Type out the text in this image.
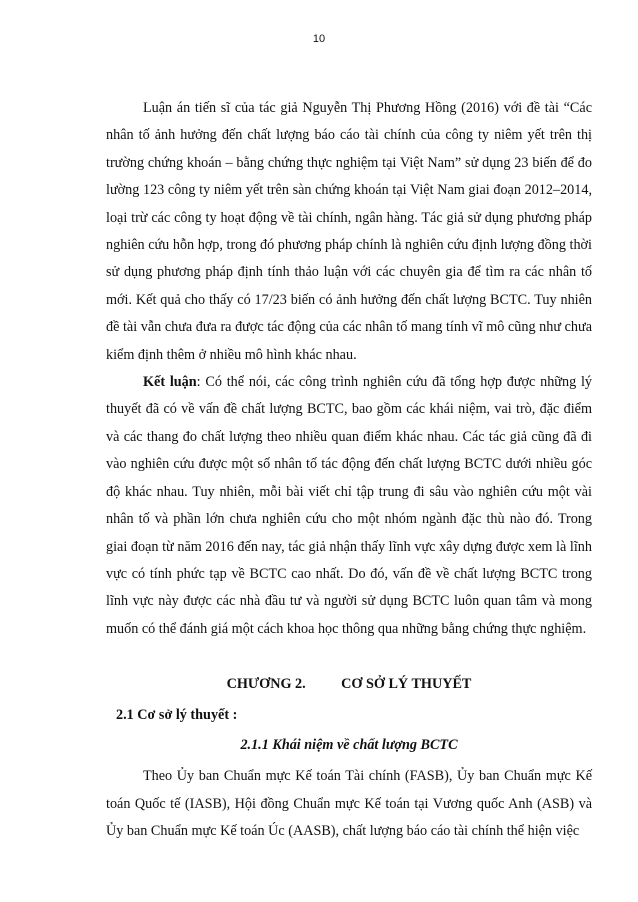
10

Luận án tiến sĩ của tác giả Nguyễn Thị Phương Hồng (2016) với đề tài “Các nhân tố ảnh hưởng đến chất lượng báo cáo tài chính của công ty niêm yết trên thị trường chứng khoán – bằng chứng thực nghiệm tại Việt Nam” sử dụng 23 biến để đo lường 123 công ty niêm yết trên sàn chứng khoán tại Việt Nam giai đoạn 2012–2014, loại trừ các công ty hoạt động về tài chính, ngân hàng. Tác giả sử dụng phương pháp nghiên cứu hỗn hợp, trong đó phương pháp chính là nghiên cứu định lượng đồng thời sử dụng phương pháp định tính thảo luận với các chuyên gia để tìm ra các nhân tố mới. Kết quả cho thấy có 17/23 biến có ảnh hưởng đến chất lượng BCTC. Tuy nhiên đề tài vẫn chưa đưa ra được tác động của các nhân tố mang tính vĩ mô cũng như chưa kiểm định thêm ở nhiều mô hình khác nhau.

Kết luận: Có thể nói, các công trình nghiên cứu đã tổng hợp được những lý thuyết đã có về vấn đề chất lượng BCTC, bao gồm các khái niệm, vai trò, đặc điểm và các thang đo chất lượng theo nhiều quan điểm khác nhau. Các tác giả cũng đã đi vào nghiên cứu được một số nhân tố tác động đến chất lượng BCTC dưới nhiều góc độ khác nhau. Tuy nhiên, mỗi bài viết chỉ tập trung đi sâu vào nghiên cứu một vài nhân tố và phần lớn chưa nghiên cứu cho một nhóm ngành đặc thù nào đó. Trong giai đoạn từ năm 2016 đến nay, tác giả nhận thấy lĩnh vực xây dựng được xem là lĩnh vực có tính phức tạp về BCTC cao nhất. Do đó, vấn đề về chất lượng BCTC trong lĩnh vực này được các nhà đầu tư và người sử dụng BCTC luôn quan tâm và mong muốn có thể đánh giá một cách khoa học thông qua những bằng chứng thực nghiệm.

CHƯƠNG 2.          CƠ SỞ LÝ THUYẾT
2.1 Cơ sở lý thuyết :
2.1.1 Khái niệm về chất lượng BCTC

Theo Ủy ban Chuẩn mực Kế toán Tài chính (FASB), Ủy ban Chuẩn mực Kế toán Quốc tế (IASB), Hội đồng Chuẩn mực Kế toán tại Vương quốc Anh (ASB) và Ủy ban Chuẩn mực Kế toán Úc (AASB), chất lượng báo cáo tài chính thể hiện việc
